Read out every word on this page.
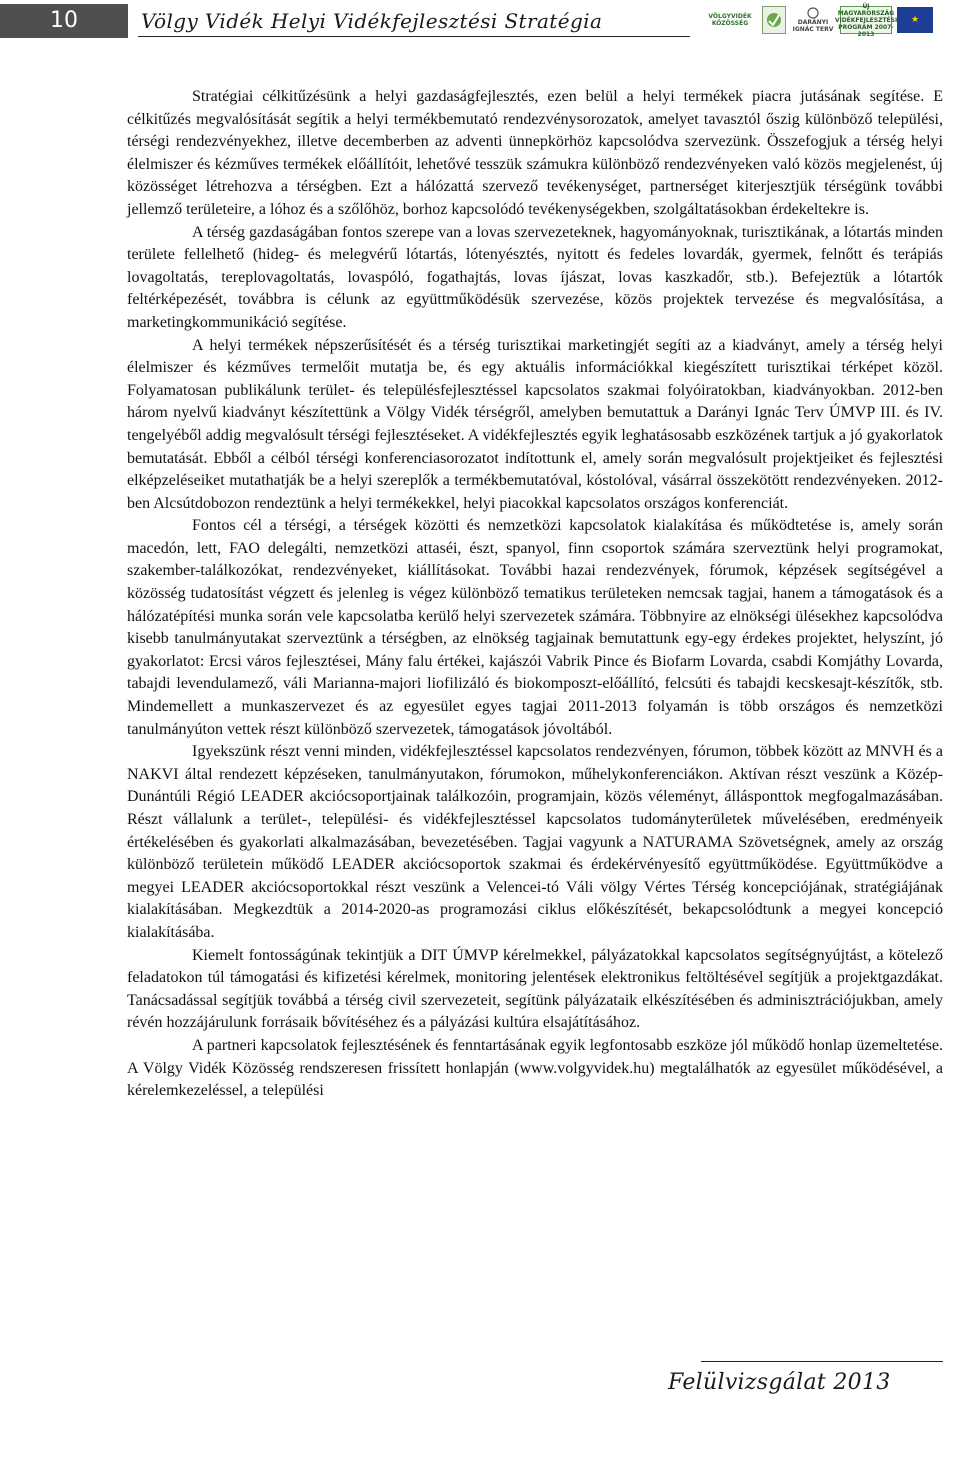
10	Völgy Vidék Helyi Vidékfejlesztési Stratégia	VÖLGYVIDÉK KÖZÖSSÉG	DARÁNYI IGNÁC TERV
ÚJ MAGYARORSZÁG VIDÉKFEJLESZTÉSI PROGRAM 2007-2013
★

Stratégiai célkitűzésünk a helyi gazdaságfejlesztés, ezen belül a helyi termékek piacra jutásának segítése. E célkitűzés megvalósítását segítik a helyi termékbemutató rendezvénysorozatok, amelyet tavasztól őszig különböző települési, térségi rendezvényekhez, illetve decemberben az adventi ünnepkörhöz kapcsolódva szervezünk. Összefogjuk a térség helyi élelmiszer és kézműves termékek előállítóit, lehetővé tesszük számukra különböző rendezvényeken való közös megjelenést, új közösséget létrehozva a térségben. Ezt a hálózattá szervező tevékenységet, partnerséget kiterjesztjük térségünk további jellemző területeire, a lóhoz és a szőlőhöz, borhoz kapcsolódó tevékenységekben, szolgáltatásokban érdekeltekre is.

A térség gazdaságában fontos szerepe van a lovas szervezeteknek, hagyományoknak, turisztikának, a lótartás minden területe fellelhető (hideg- és melegvérű lótartás, lótenyésztés, nyitott és fedeles lovardák, gyermek, felnőtt és terápiás lovagoltatás, tereplovagoltatás, lovaspóló, fogathajtás, lovas íjászat, lovas kaszkadőr, stb.). Befejeztük a lótartók feltérképezését, továbbra is célunk az együttműködésük szervezése, közös projektek tervezése és megvalósítása, a marketingkommunikáció segítése.

A helyi termékek népszerűsítését és a térség turisztikai marketingjét segíti az a kiadványt, amely a térség helyi élelmiszer és kézműves termelőit mutatja be, és egy aktuális információkkal kiegészített turisztikai térképet közöl. Folyamatosan publikálunk terület- és településfejlesztéssel kapcsolatos szakmai folyóiratokban, kiadványokban. 2012-ben három nyelvű kiadványt készítettünk a Völgy Vidék térségről, amelyben bemutattuk a Darányi Ignác Terv ÚMVP III. és IV. tengelyéből addig megvalósult térségi fejlesztéseket. A vidékfejlesztés egyik leghatásosabb eszközének tartjuk a jó gyakorlatok bemutatását. Ebből a célból térségi konferenciasorozatot indítottunk el, amely során megvalósult projektjeiket és fejlesztési elképzeléseiket mutathatják be a helyi szereplők a termékbemutatóval, kóstolóval, vásárral összekötött rendezvényeken. 2012-ben Alcsútdobozon rendeztünk a helyi termékekkel, helyi piacokkal kapcsolatos országos konferenciát.

Fontos cél a térségi, a térségek közötti és nemzetközi kapcsolatok kialakítása és működtetése is, amely során macedón, lett, FAO delegálti, nemzetközi attaséi, észt, spanyol, finn csoportok számára szerveztünk helyi programokat, szakember-találkozókat, rendezvényeket, kiállításokat. További hazai rendezvények, fórumok, képzések segítségével a közösség tudatosítást végzett és jelenleg is végez különböző tematikus területeken nemcsak tagjai, hanem a támogatások és a hálózatépítési munka során vele kapcsolatba kerülő helyi szervezetek számára. Többnyire az elnökségi ülésekhez kapcsolódva kisebb tanulmányutakat szerveztünk a térségben, az elnökség tagjainak bemutattunk egy-egy érdekes projektet, helyszínt, jó gyakorlatot: Ercsi város fejlesztései, Mány falu értékei, kajászói Vabrik Pince és Biofarm Lovarda, csabdi Komjáthy Lovarda, tabajdi levendulamező, váli Marianna-majori liofilizáló és biokomposzt-előállító, felcsúti és tabajdi kecskesajt-készítők, stb. Mindemellett a munkaszervezet és az egyesület egyes tagjai 2011-2013 folyamán is több országos és nemzetközi tanulmányúton vettek részt különböző szervezetek, támogatások jóvoltából.

Igyekszünk részt venni minden, vidékfejlesztéssel kapcsolatos rendezvényen, fórumon, többek között az MNVH és a NAKVI által rendezett képzéseken, tanulmányutakon, fórumokon, műhelykonferenciákon. Aktívan részt veszünk a Közép-Dunántúli Régió LEADER akciócsoportjainak találkozóin, programjain, közös véleményt, állásponttok megfogalmazásában. Részt vállalunk a terület-, települési- és vidékfejlesztéssel kapcsolatos tudományterületek művelésében, eredményeik értékelésében és gyakorlati alkalmazásában, bevezetésében. Tagjai vagyunk a NATURAMA Szövetségnek, amely az ország különböző területein működő LEADER akciócsoportok szakmai és érdekérvényesítő együttműködése. Együttműködve a megyei LEADER akciócsoportokkal részt veszünk a Velencei-tó Váli völgy Vértes Térség koncepciójának, stratégiájának kialakításában. Megkezdtük a 2014-2020-as programozási ciklus előkészítését, bekapcsolódtunk a megyei koncepció kialakításába.

Kiemelt fontosságúnak tekintjük a DIT ÚMVP kérelmekkel, pályázatokkal kapcsolatos segítségnyújtást, a kötelező feladatokon túl támogatási és kifizetési kérelmek, monitoring jelentések elektronikus feltöltésével segítjük a projektgazdákat. Tanácsadással segítjük továbbá a térség civil szervezeteit, segítünk pályázataik elkészítésében és adminisztrációjukban, amely révén hozzájárulunk forrásaik bővítéséhez és a pályázási kultúra elsajátításához.

A partneri kapcsolatok fejlesztésének és fenntartásának egyik legfontosabb eszköze jól működő honlap üzemeltetése. A Völgy Vidék Közösség rendszeresen frissített honlapján (www.volgyvidek.hu) megtalálhatók az egyesület működésével, a kérelemkezeléssel, a települési

Felülvizsgálat 2013
